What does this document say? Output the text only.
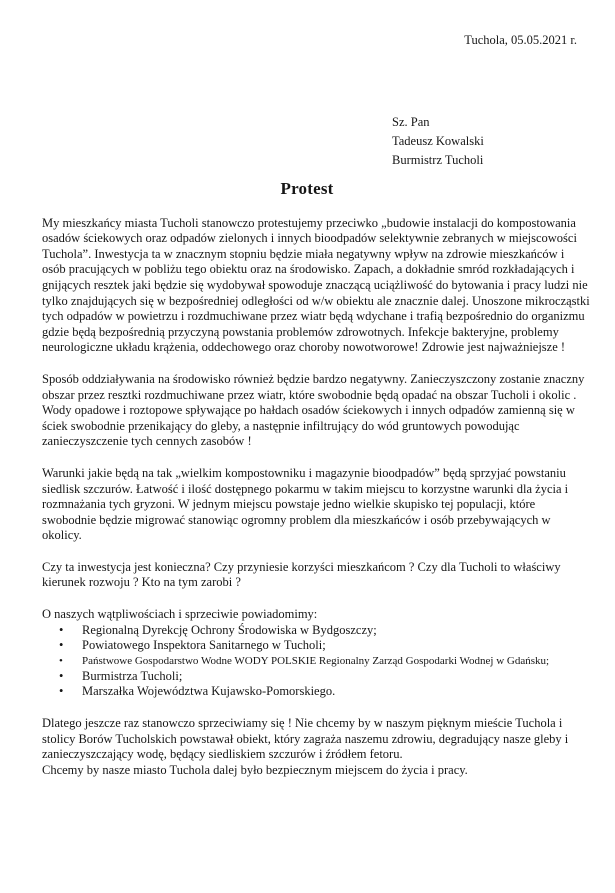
Tuchola, 05.05.2021 r.
Sz. Pan
Tadeusz Kowalski
Burmistrz Tucholi
Protest

My mieszkańcy miasta Tucholi stanowczo protestujemy przeciwko „budowie instalacji do kompostowania osadów ściekowych oraz odpadów zielonych i innych bioodpadów selektywnie zebranych w miejscowości Tuchola”. Inwestycja ta w znacznym stopniu będzie miała negatywny wpływ na zdrowie mieszkańców i osób pracujących w pobliżu tego obiektu oraz na środowisko. Zapach, a dokładnie smród rozkładających i gnijących resztek jaki będzie się wydobywał spowoduje znaczącą uciążliwość do bytowania i pracy ludzi nie tylko znajdujących się w bezpośredniej odległości od w/w obiektu ale znacznie dalej. Unoszone mikrocząstki tych odpadów w powietrzu i rozdmuchiwane przez wiatr będą wdychane i trafią bezpośrednio do organizmu gdzie będą bezpośrednią przyczyną powstania problemów zdrowotnych. Infekcje bakteryjne, problemy neurologiczne układu krążenia, oddechowego oraz choroby nowotworowe! Zdrowie jest najważniejsze !

Sposób oddziaływania na środowisko również będzie bardzo negatywny. Zanieczyszczony zostanie znaczny obszar przez resztki rozdmuchiwane przez wiatr, które swobodnie będą opadać na obszar Tucholi i okolic . Wody opadowe i roztopowe spływające po hałdach osadów ściekowych i innych odpadów zamienną się w ściek swobodnie przenikający do gleby, a następnie infiltrujący do wód gruntowych powodując zanieczyszczenie tych cennych zasobów !

Warunki jakie będą na tak „wielkim kompostowniku i magazynie bioodpadów” będą sprzyjać powstaniu siedlisk szczurów. Łatwość i ilość dostępnego pokarmu w takim miejscu to korzystne warunki dla życia i rozmnażania tych gryzoni. W jednym miejscu powstaje jedno wielkie skupisko tej populacji, które swobodnie będzie migrować stanowiąc ogromny problem dla mieszkańców i osób przebywających w okolicy.

Czy ta inwestycja jest konieczna? Czy przyniesie korzyści mieszkańcom ? Czy dla Tucholi to właściwy kierunek rozwoju ? Kto na tym zarobi ?

O naszych wątpliwościach i sprzeciwie powiadomimy:

• Regionalną Dyrekcję Ochrony Środowiska w Bydgoszczy;
• Powiatowego Inspektora Sanitarnego w Tucholi;
• Państwowe Gospodarstwo Wodne WODY POLSKIE Regionalny Zarząd Gospodarki Wodnej w Gdańsku;
• Burmistrza Tucholi;
• Marszałka Województwa Kujawsko-Pomorskiego.

Dlatego jeszcze raz stanowczo sprzeciwiamy się ! Nie chcemy by w naszym pięknym mieście Tuchola i stolicy Borów Tucholskich powstawał obiekt, który zagraża naszemu zdrowiu, degradujący nasze gleby i zanieczyszczający wodę, będący siedliskiem szczurów i źródłem fetoru.

Chcemy by nasze miasto Tuchola dalej było bezpiecznym miejscem do życia i pracy.
